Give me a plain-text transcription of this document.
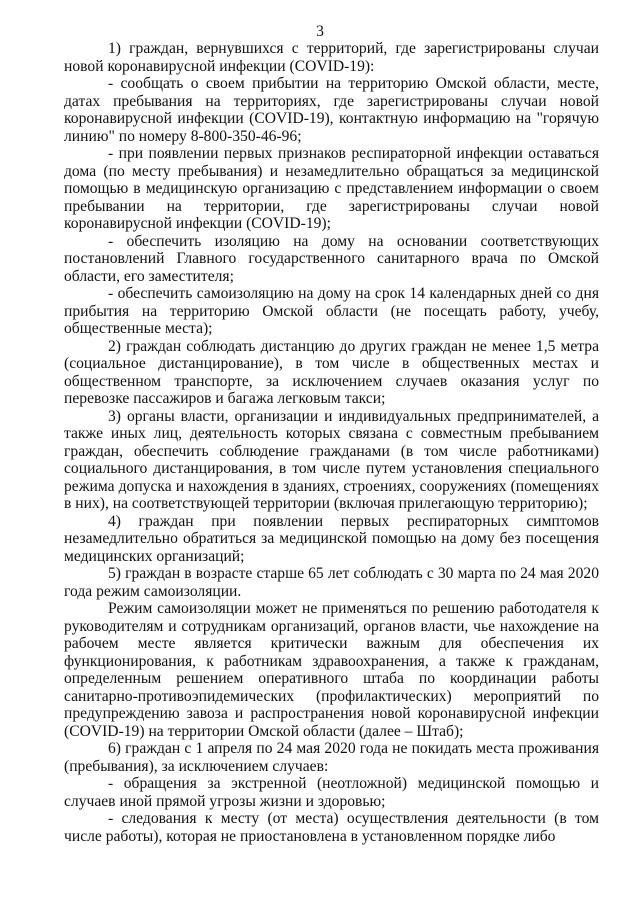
3

1) граждан, вернувшихся с территорий, где зарегистрированы случаи новой коронавирусной инфекции (COVID-19):

- сообщать о своем прибытии на территорию Омской области, месте, датах пребывания на территориях, где зарегистрированы случаи новой коронавирусной инфекции (COVID-19), контактную информацию на "горячую линию" по номеру 8-800-350-46-96;

- при появлении первых признаков респираторной инфекции оставаться дома (по месту пребывания) и незамедлительно обращаться за медицинской помощью в медицинскую организацию с представлением информации о своем пребывании на территории, где зарегистрированы случаи новой коронавирусной инфекции (COVID-19);

- обеспечить изоляцию на дому на основании соответствующих постановлений Главного государственного санитарного врача по Омской области, его заместителя;

- обеспечить самоизоляцию на дому на срок 14 календарных дней со дня прибытия на территорию Омской области (не посещать работу, учебу, общественные места);

2) граждан соблюдать дистанцию до других граждан не менее 1,5 метра (социальное дистанцирование), в том числе в общественных местах и общественном транспорте, за исключением случаев оказания услуг по перевозке пассажиров и багажа легковым такси;

3) органы власти, организации и индивидуальных предпринимателей, а также иных лиц, деятельность которых связана с совместным пребыванием граждан, обеспечить соблюдение гражданами (в том числе работниками) социального дистанцирования, в том числе путем установления специального режима допуска и нахождения в зданиях, строениях, сооружениях (помещениях в них), на соответствующей территории (включая прилегающую территорию);

4) граждан при появлении первых респираторных симптомов незамедлительно обратиться за медицинской помощью на дому без посещения медицинских организаций;

5) граждан в возрасте старше 65 лет соблюдать с 30 марта по 24 мая 2020 года режим самоизоляции.

Режим самоизоляции может не применяться по решению работодателя к руководителям и сотрудникам организаций, органов власти, чье нахождение на рабочем месте является критически важным для обеспечения их функционирования, к работникам здравоохранения, а также к гражданам, определенным решением оперативного штаба по координации работы санитарно-противоэпидемических (профилактических) мероприятий по предупреждению завоза и распространения новой коронавирусной инфекции (COVID-19) на территории Омской области (далее – Штаб);

6) граждан с 1 апреля по 24 мая 2020 года не покидать места проживания (пребывания), за исключением случаев:

- обращения за экстренной (неотложной) медицинской помощью и случаев иной прямой угрозы жизни и здоровью;

- следования к месту (от места) осуществления деятельности (в том числе работы), которая не приостановлена в установленном порядке либо
